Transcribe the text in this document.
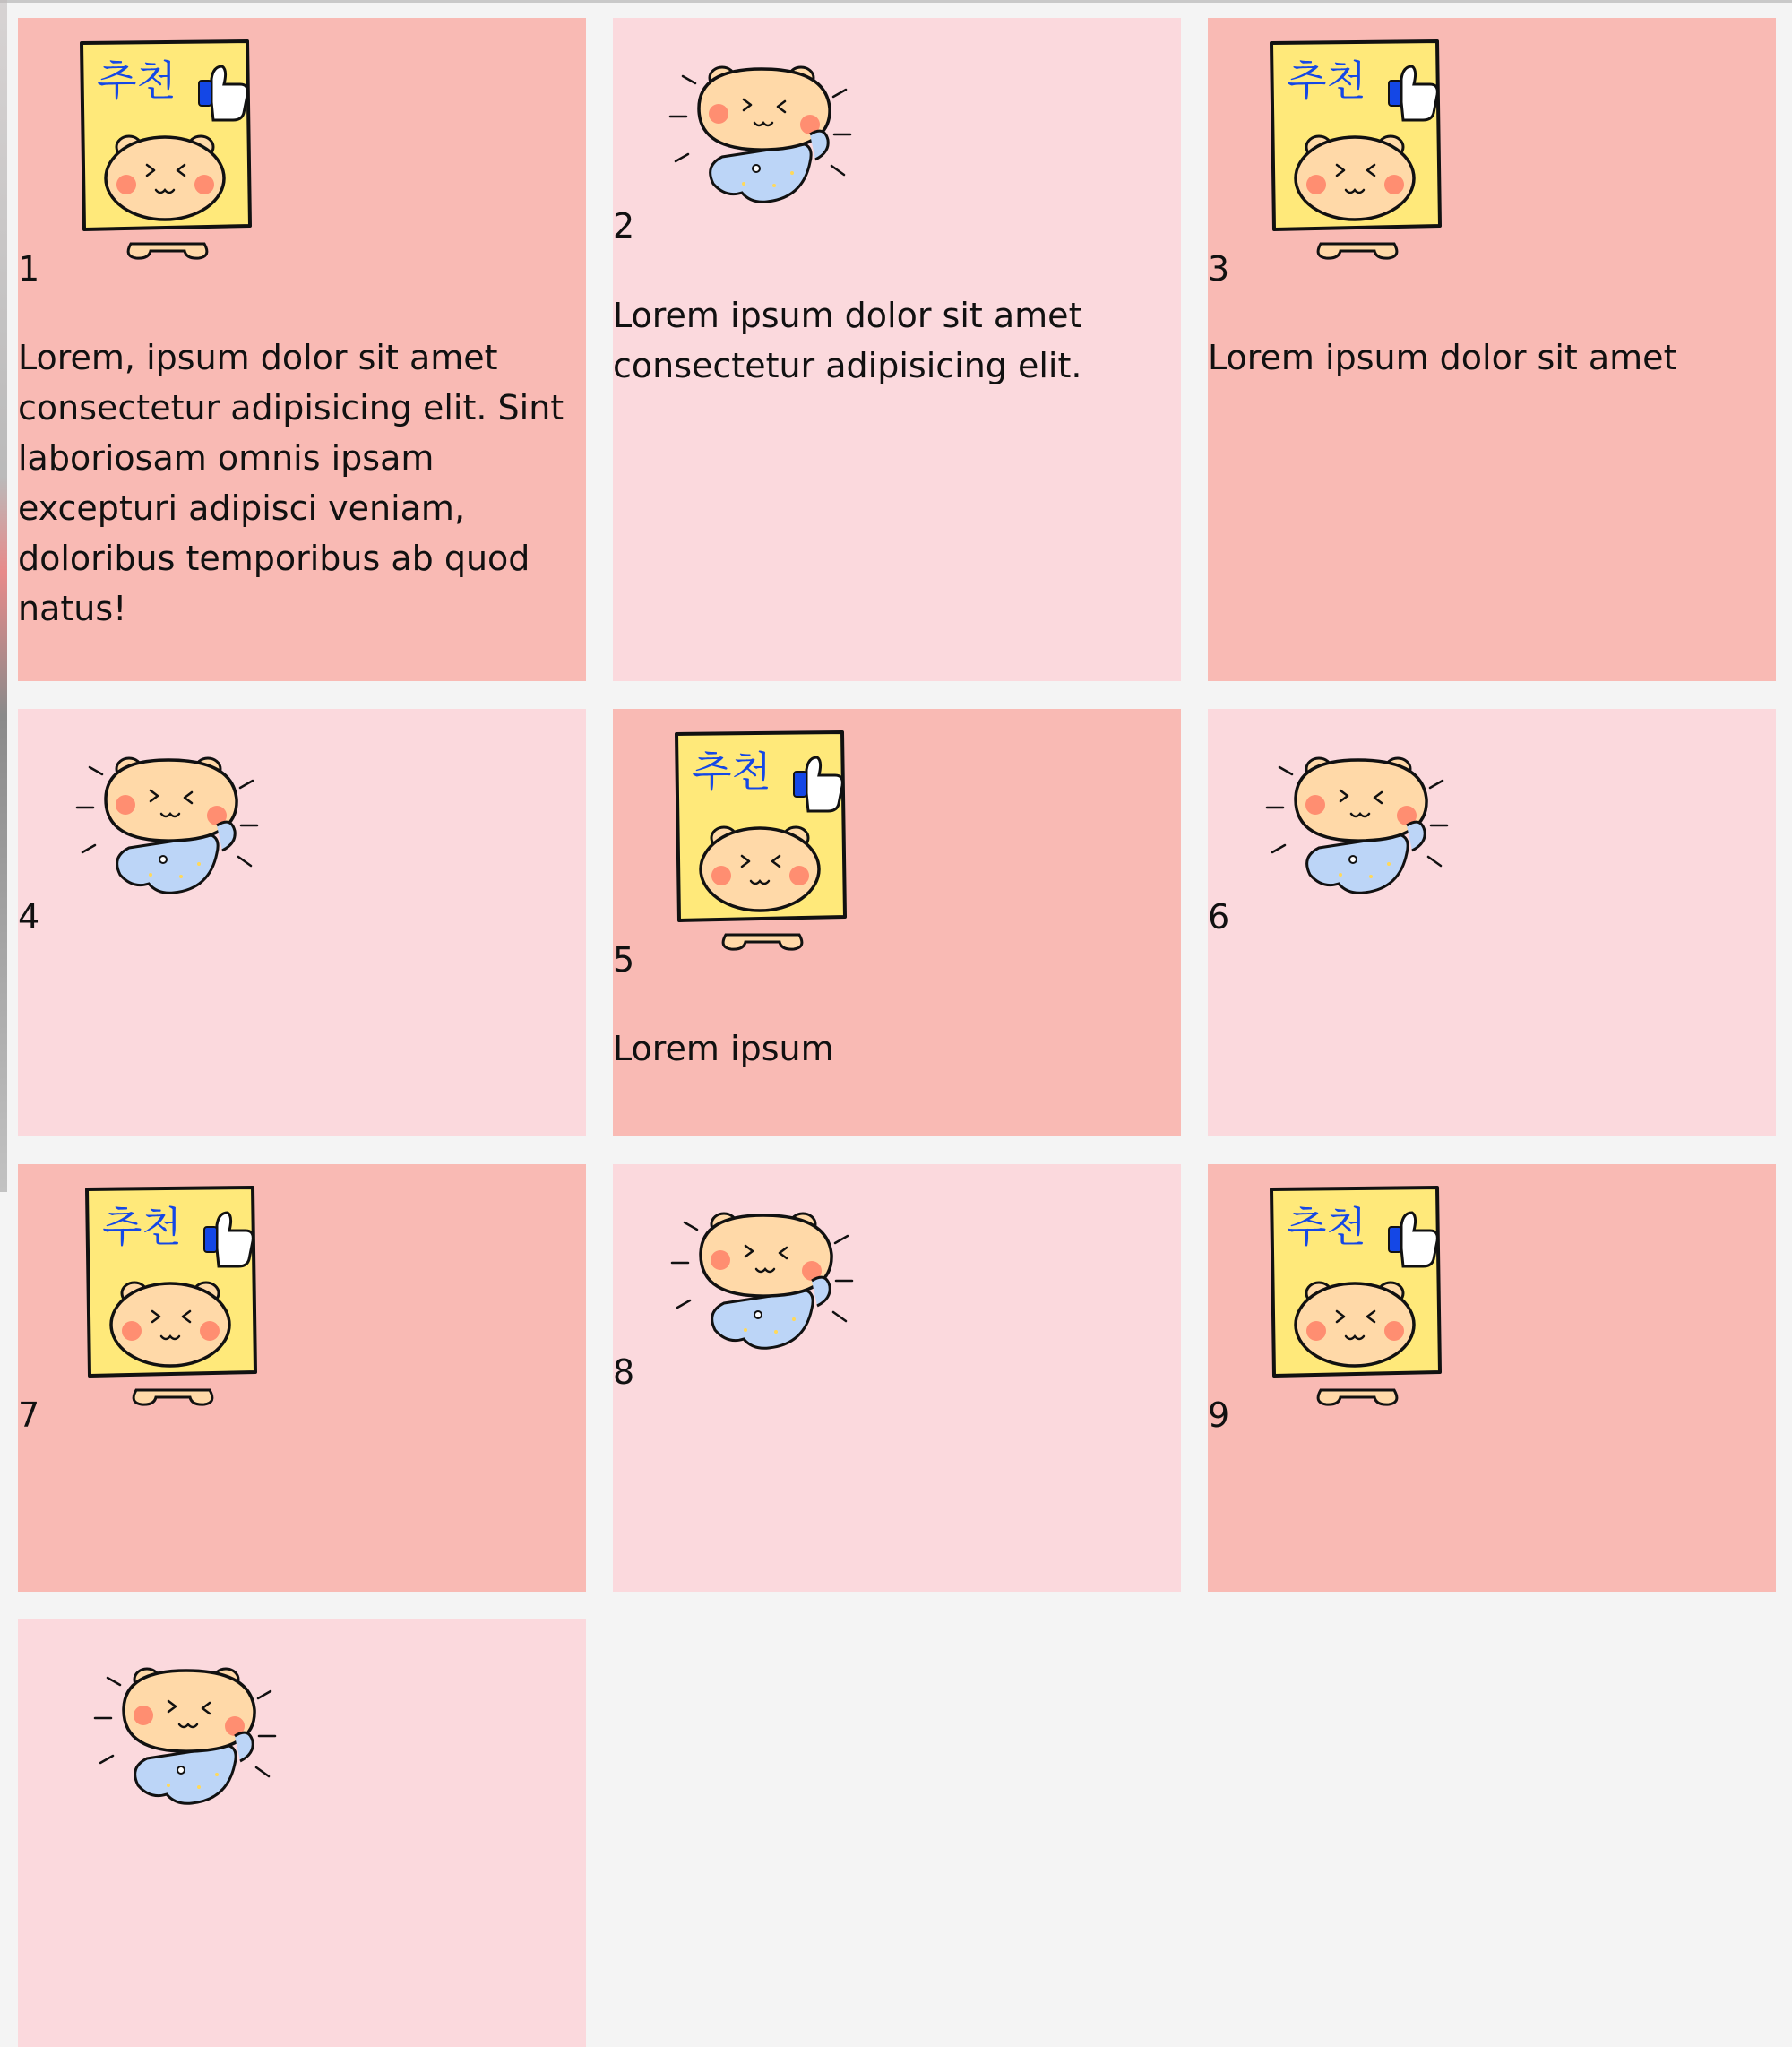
추천
1

Lorem, ipsum dolor sit amet consectetur adipisicing elit. Sint laboriosam omnis ipsam excepturi adipisci veniam, doloribus temporibus ab quod natus!

2

Lorem ipsum dolor sit amet consectetur adipisicing elit.

추천
3

Lorem ipsum dolor sit amet

4
추천
5

Lorem ipsum

6
추천
7
8
추천
9
